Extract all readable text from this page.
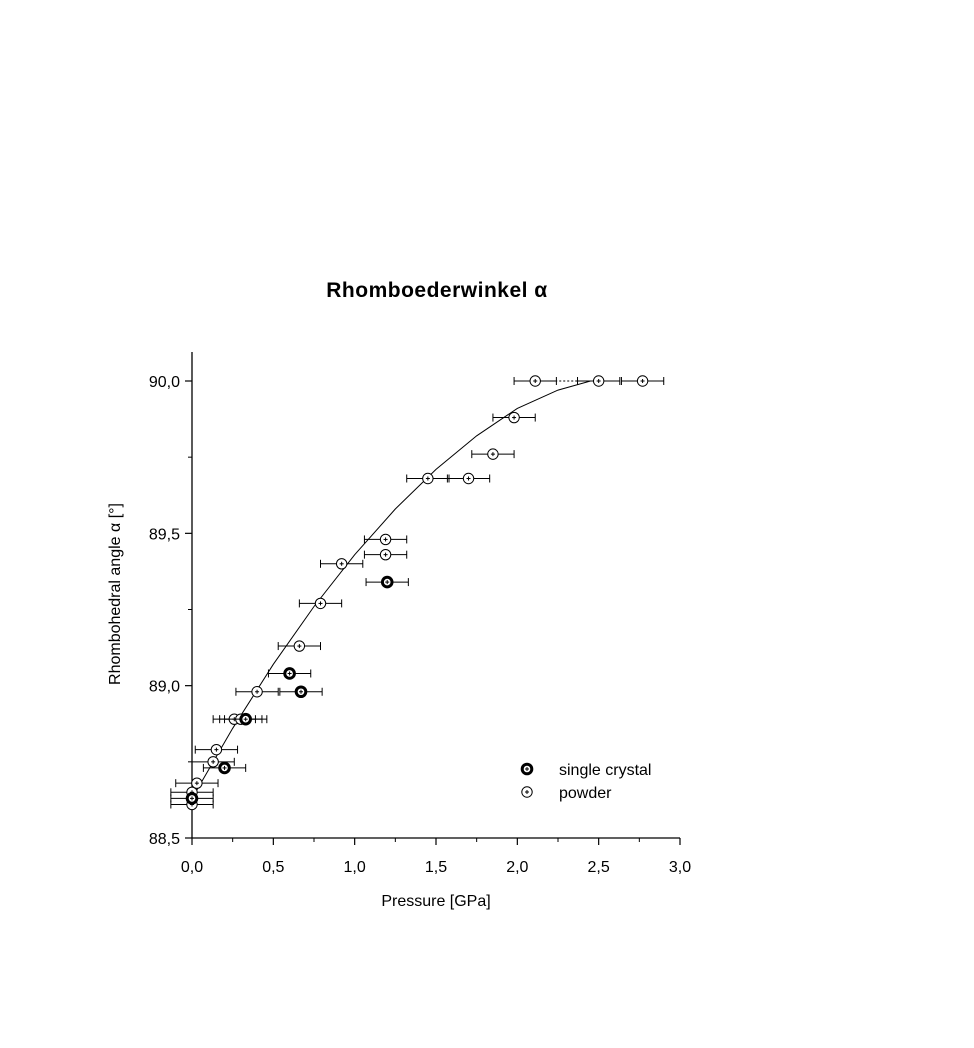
Rhomboederwinkel α
0,0	0,5	1,0	1,5	2,0	2,5	3,0
88,5
89,0
89,5
90,0
single crystal
powder
Pressure [GPa]
Rhombohedral angle α [°]
